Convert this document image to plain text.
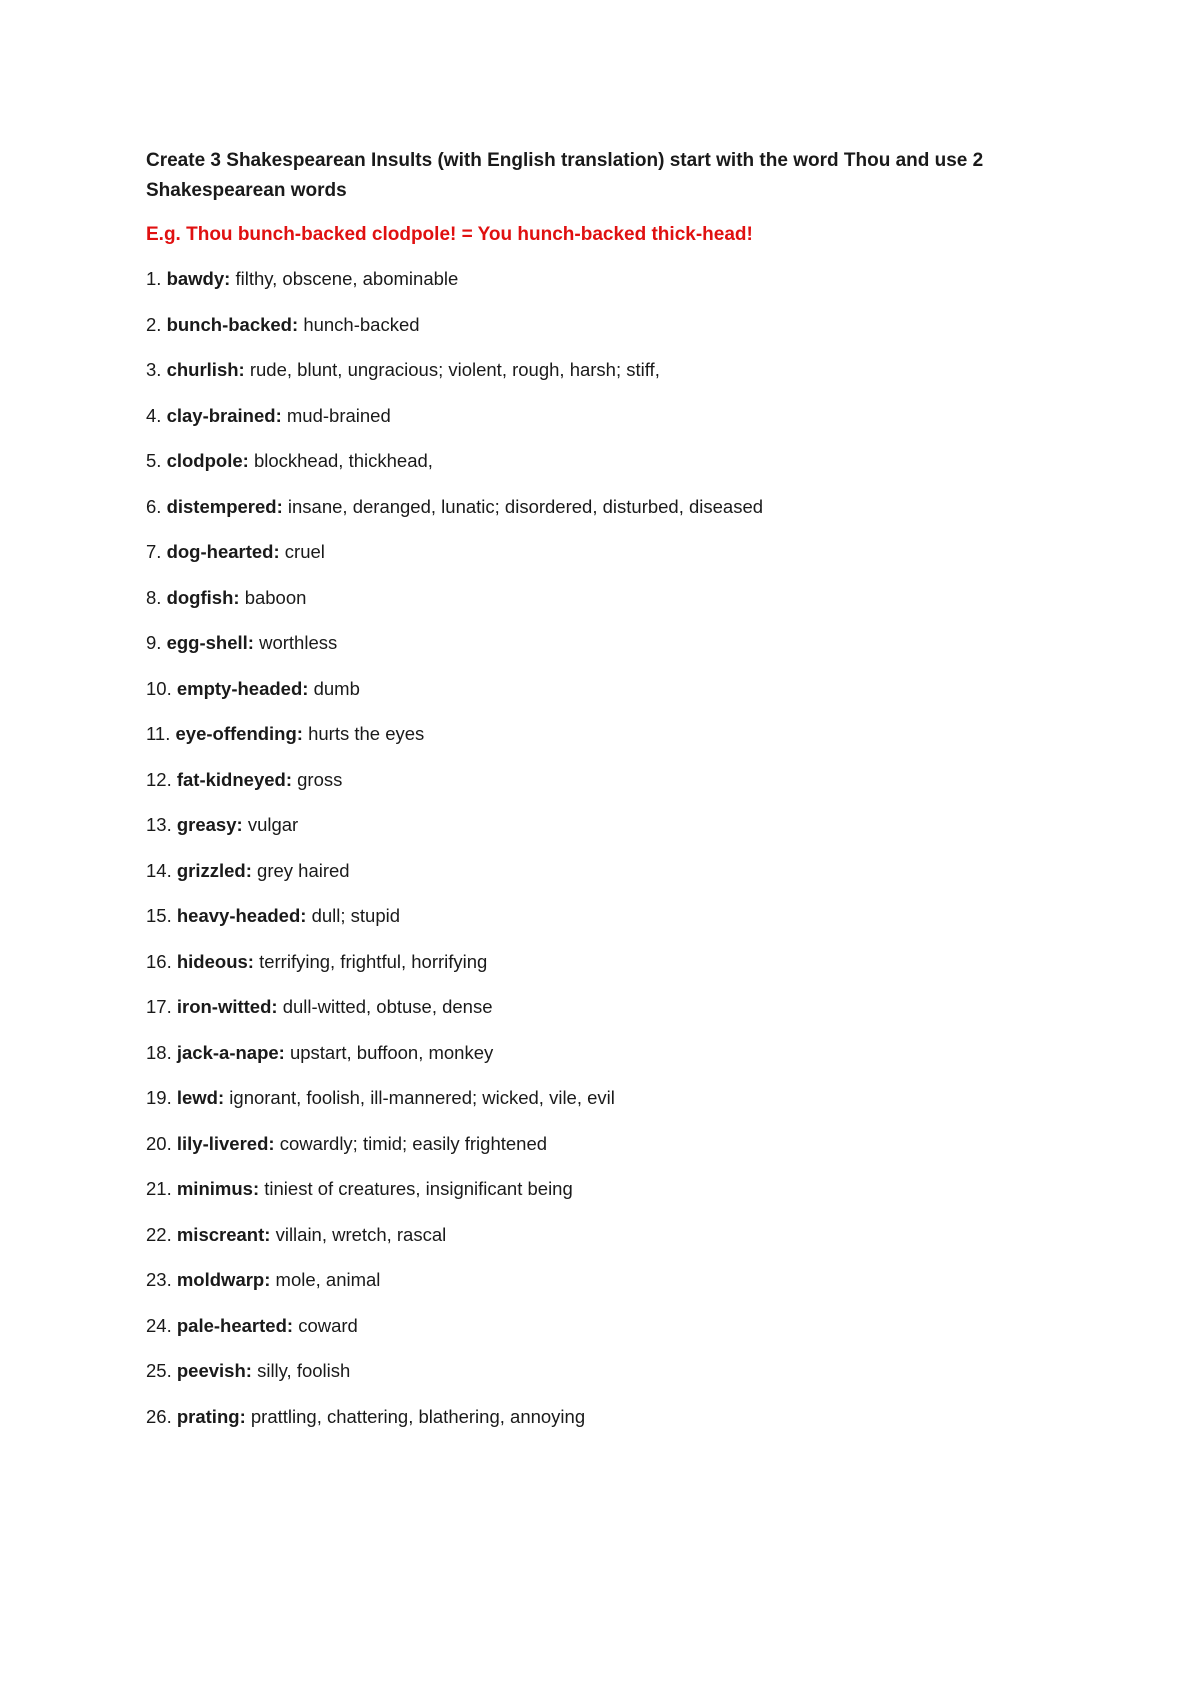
Create 3 Shakespearean Insults (with English translation) start with the word Thou and use 2 Shakespearean words

E.g. Thou bunch-backed clodpole! = You hunch-backed thick-head!

1. bawdy: filthy, obscene, abominable
2. bunch-backed: hunch-backed
3. churlish: rude, blunt, ungracious; violent, rough, harsh; stiff,
4. clay-brained: mud-brained
5. clodpole: blockhead, thickhead,
6. distempered: insane, deranged, lunatic; disordered, disturbed, diseased
7. dog-hearted: cruel
8. dogfish: baboon
9. egg-shell: worthless
10. empty-headed: dumb
11. eye-offending: hurts the eyes
12. fat-kidneyed: gross
13. greasy: vulgar
14. grizzled: grey haired
15. heavy-headed: dull; stupid
16. hideous: terrifying, frightful, horrifying
17. iron-witted: dull-witted, obtuse, dense
18. jack-a-nape: upstart, buffoon, monkey
19. lewd: ignorant, foolish, ill-mannered; wicked, vile, evil
20. lily-livered: cowardly; timid; easily frightened
21. minimus: tiniest of creatures, insignificant being
22. miscreant: villain, wretch, rascal
23. moldwarp: mole, animal
24. pale-hearted: coward
25. peevish: silly, foolish
26. prating: prattling, chattering, blathering, annoying
